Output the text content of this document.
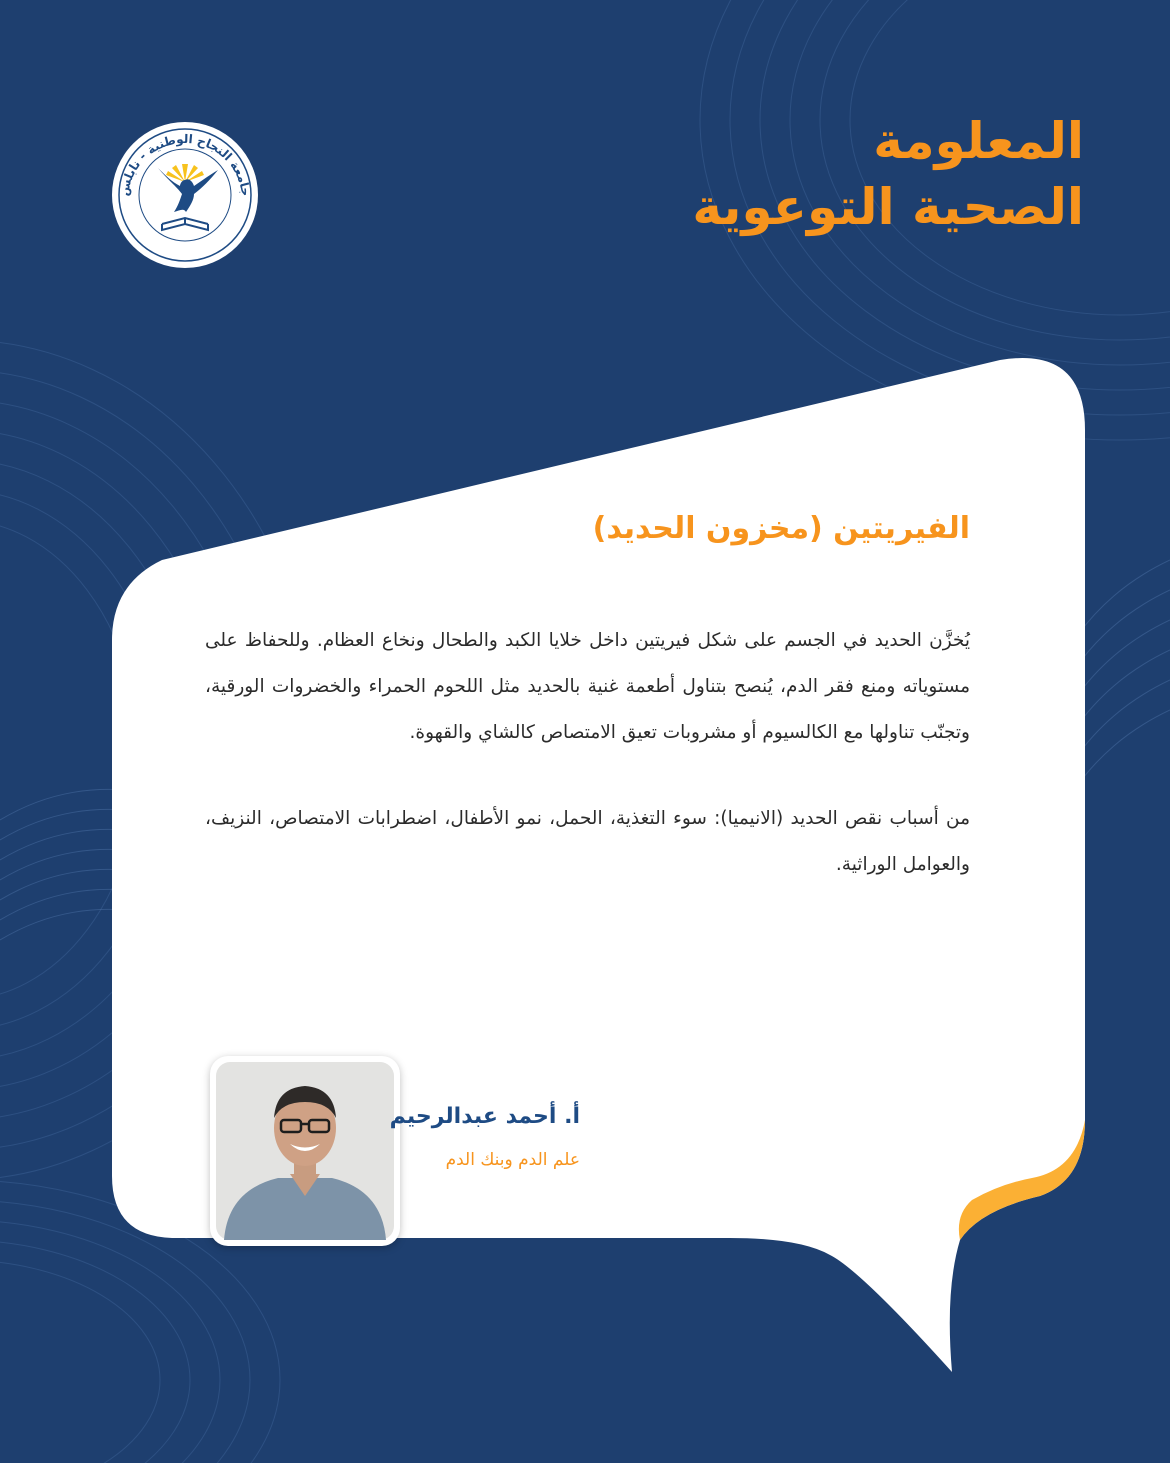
المعلومة
الصحية التوعوية
جامعة النجاح الوطنية - نابلس
الفيريتين (مخزون الحديد)

يُخزَّن الحديد في الجسم على شكل فيريتين داخل خلايا الكبد والطحال ونخاع العظام. وللحفاظ على مستوياته ومنع فقر الدم، يُنصح بتناول أطعمة غنية بالحديد مثل اللحوم الحمراء والخضروات الورقية، وتجنّب تناولها مع الكالسيوم أو مشروبات تعيق الامتصاص كالشاي والقهوة.

من أسباب نقص الحديد (الانيميا): سوء التغذية، الحمل، نمو الأطفال، اضطرابات الامتصاص، النزيف، والعوامل الوراثية.

أ. أحمد عبدالرحيم
علم الدم وبنك الدم
